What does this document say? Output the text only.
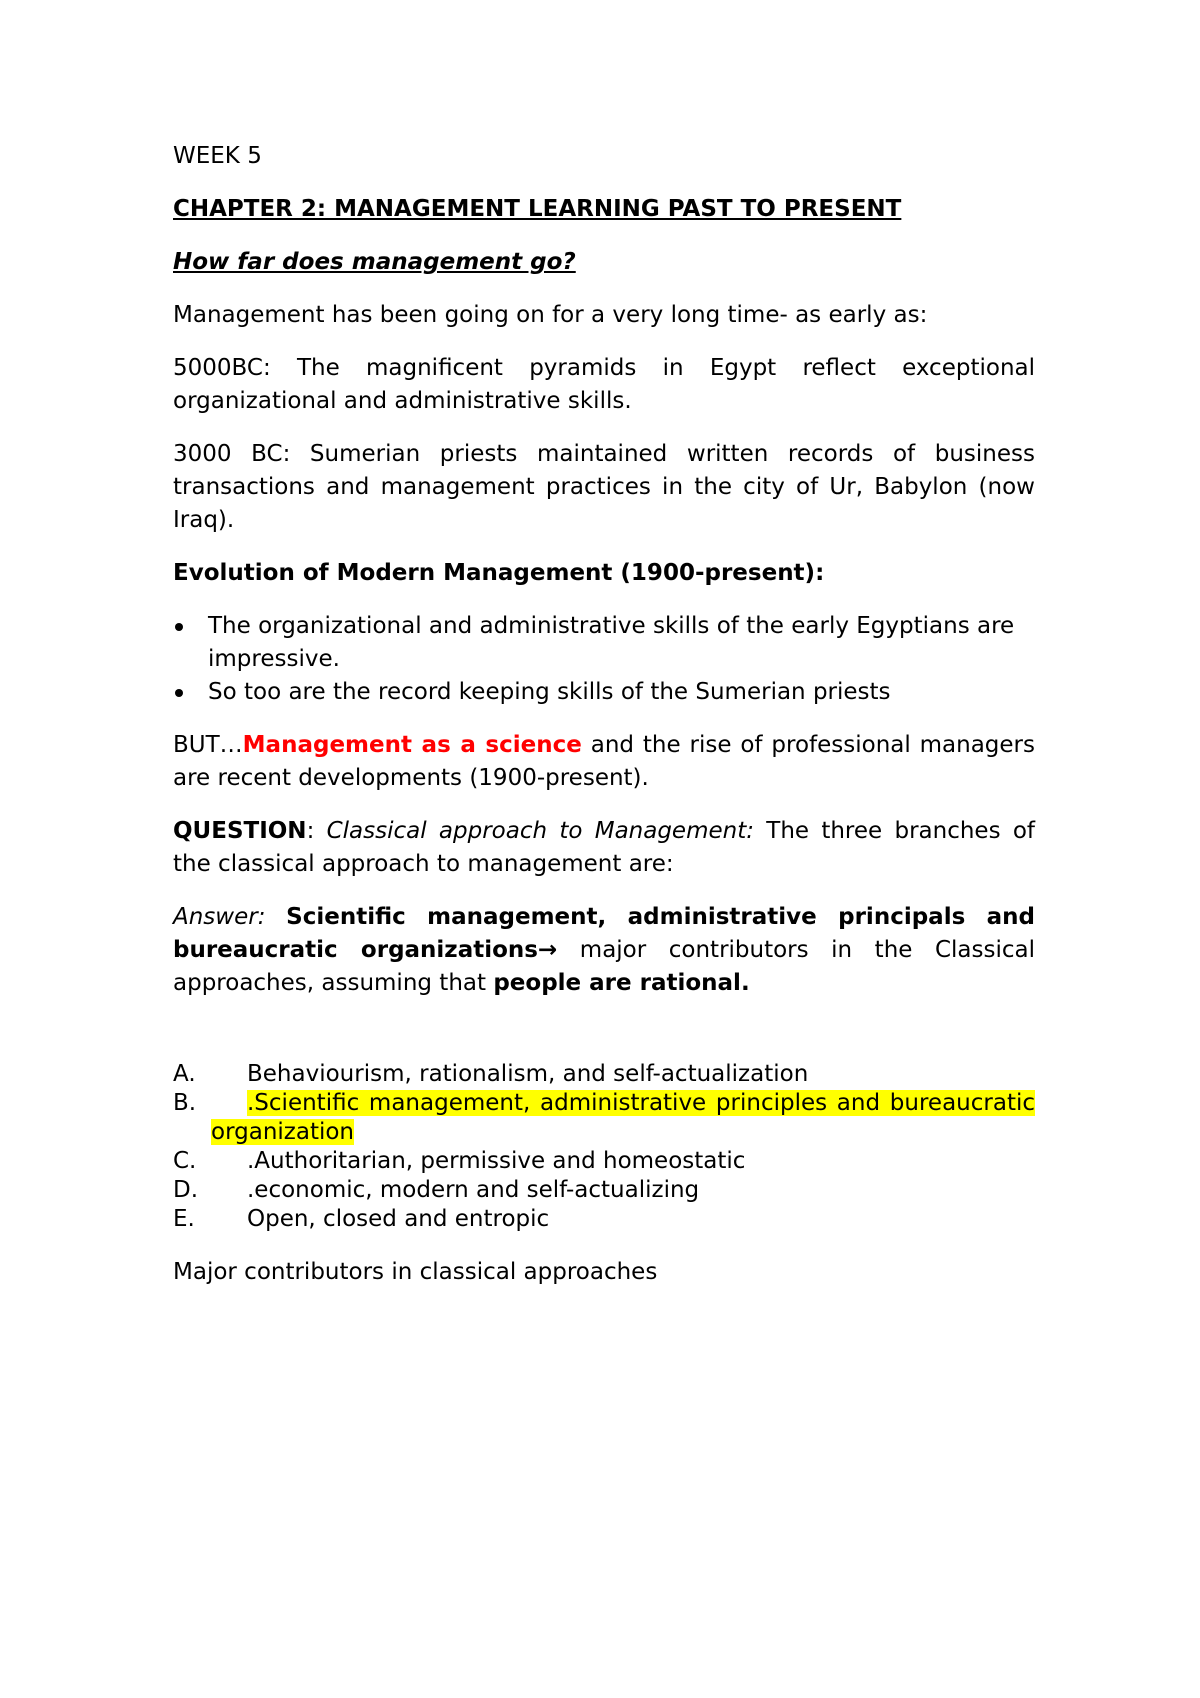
WEEK 5

CHAPTER 2: MANAGEMENT LEARNING PAST TO PRESENT

How far does management go?

Management has been going on for a very long time- as early as:

5000BC: The magnificent pyramids in Egypt reflect exceptional organizational and administrative skills.

3000 BC: Sumerian priests maintained written records of business transactions and management practices in the city of Ur, Babylon (now Iraq).

Evolution of Modern Management (1900-present):

The organizational and administrative skills of the early Egyptians are impressive.
So too are the record keeping skills of the Sumerian priests

BUT…Management as a science and the rise of professional managers are recent developments (1900-present).

QUESTION: Classical approach to Management: The three branches of the classical approach to management are:

Answer: Scientific management, administrative principals and bureaucratic organizations→ major contributors in the Classical approaches, assuming that people are rational.

A. Behaviourism, rationalism, and self-actualization
B. .Scientific management, administrative principles and bureaucratic organization
C. .Authoritarian, permissive and homeostatic
D. .economic, modern and self-actualizing
E. Open, closed and entropic

Major contributors in classical approaches
